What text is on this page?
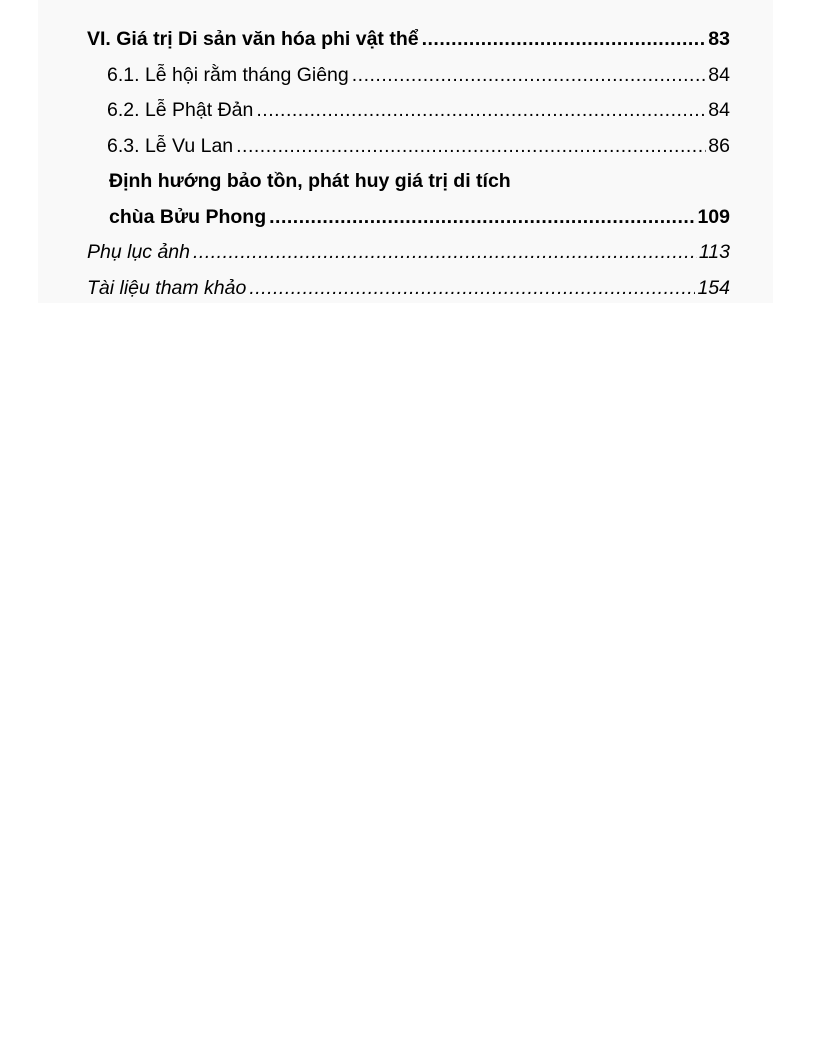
VI. Giá trị Di sản văn hóa phi vật thể .....	83
6.1. Lễ hội rằm tháng Giêng .....	84
6.2. Lễ Phật Đản .....	84
6.3. Lễ Vu Lan .....	86
Định hướng bảo tồn, phát huy giá trị di tích
chùa Bửu Phong .....	109
Phụ lục ảnh .....	113
Tài liệu tham khảo .....	154
